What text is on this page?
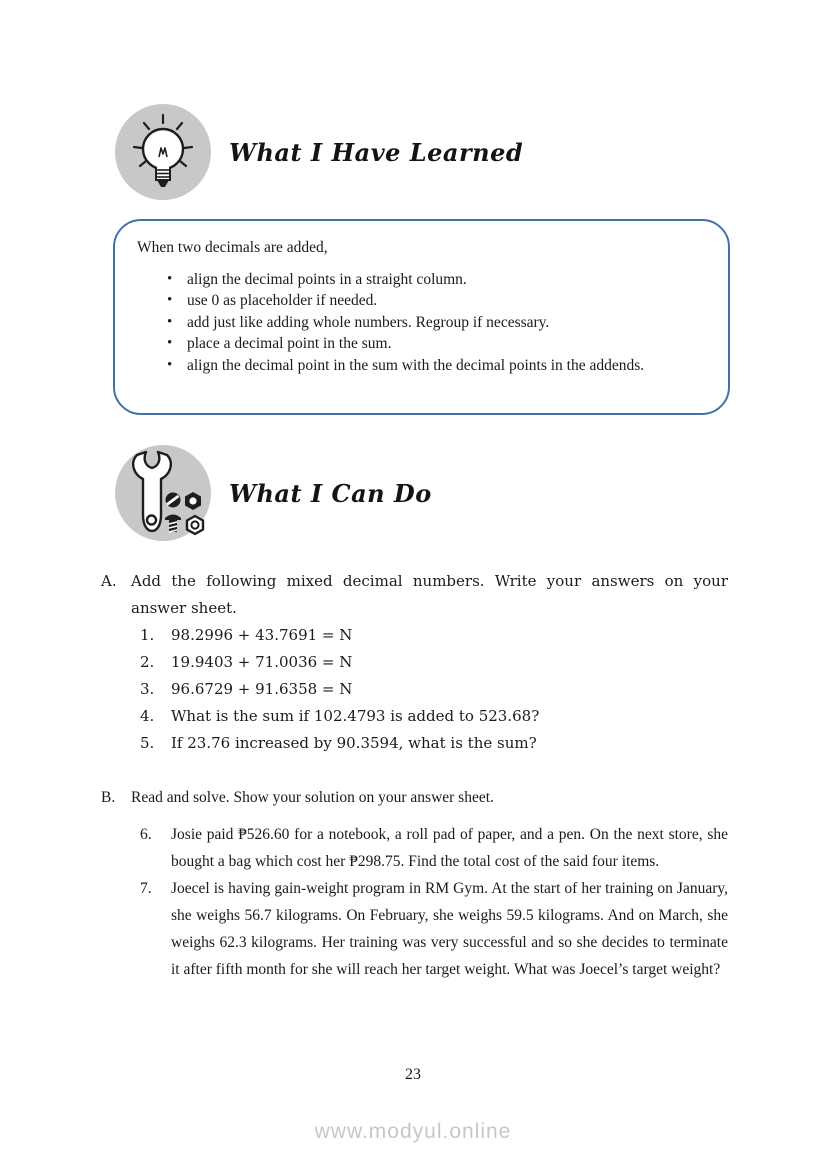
What I Have Learned

When two decimals are added,

• align the decimal points in a straight column.
• use 0 as placeholder if needed.
• add just like adding whole numbers. Regroup if necessary.
• place a decimal point in the sum.
• align the decimal point in the sum with the decimal points in the addends.
What I Can Do
A. Add the following mixed decimal numbers. Write your answers on your answer sheet.

1.	98.2996 + 43.7691 = N

2.	19.9403 + 71.0036 = N

3.	96.6729 + 91.6358 = N

4.	What is the sum if 102.4793 is added to 523.68?

5.	If 23.76 increased by 90.3594, what is the sum?

B.	Read and solve. Show your solution on your answer sheet.

6.	Josie paid ₱526.60 for a notebook, a roll pad of paper, and a pen. On the next store, she bought a bag which cost her ₱298.75. Find the total cost of the said four items.

7.	Joecel is having gain-weight program in RM Gym. At the start of her training on January, she weighs 56.7 kilograms. On February, she weighs 59.5 kilograms. And on March, she weighs 62.3 kilograms. Her training was very successful and so she decides to terminate it after fifth month for she will reach her target weight. What was Joecel’s target weight?

23
www.modyul.online
